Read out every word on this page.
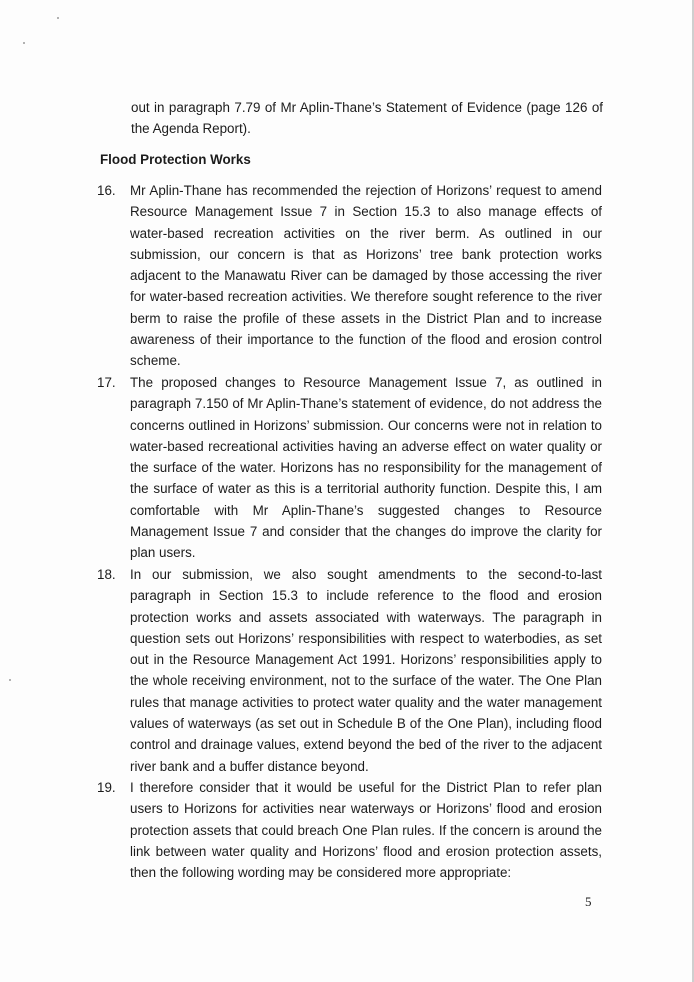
out in paragraph 7.79 of Mr Aplin-Thane’s Statement of Evidence (page 126 of the Agenda Report).
Flood Protection Works
16. Mr Aplin-Thane has recommended the rejection of Horizons’ request to amend Resource Management Issue 7 in Section 15.3 to also manage effects of water-based recreation activities on the river berm. As outlined in our submission, our concern is that as Horizons’ tree bank protection works adjacent to the Manawatu River can be damaged by those accessing the river for water-based recreation activities. We therefore sought reference to the river berm to raise the profile of these assets in the District Plan and to increase awareness of their importance to the function of the flood and erosion control scheme.
17. The proposed changes to Resource Management Issue 7, as outlined in paragraph 7.150 of Mr Aplin-Thane’s statement of evidence, do not address the concerns outlined in Horizons’ submission. Our concerns were not in relation to water-based recreational activities having an adverse effect on water quality or the surface of the water. Horizons has no responsibility for the management of the surface of water as this is a territorial authority function. Despite this, I am comfortable with Mr Aplin-Thane’s suggested changes to Resource Management Issue 7 and consider that the changes do improve the clarity for plan users.
18. In our submission, we also sought amendments to the second-to-last paragraph in Section 15.3 to include reference to the flood and erosion protection works and assets associated with waterways. The paragraph in question sets out Horizons’ responsibilities with respect to waterbodies, as set out in the Resource Management Act 1991. Horizons’ responsibilities apply to the whole receiving environment, not to the surface of the water. The One Plan rules that manage activities to protect water quality and the water management values of waterways (as set out in Schedule B of the One Plan), including flood control and drainage values, extend beyond the bed of the river to the adjacent river bank and a buffer distance beyond.
19. I therefore consider that it would be useful for the District Plan to refer plan users to Horizons for activities near waterways or Horizons’ flood and erosion protection assets that could breach One Plan rules. If the concern is around the link between water quality and Horizons’ flood and erosion protection assets, then the following wording may be considered more appropriate:
5
